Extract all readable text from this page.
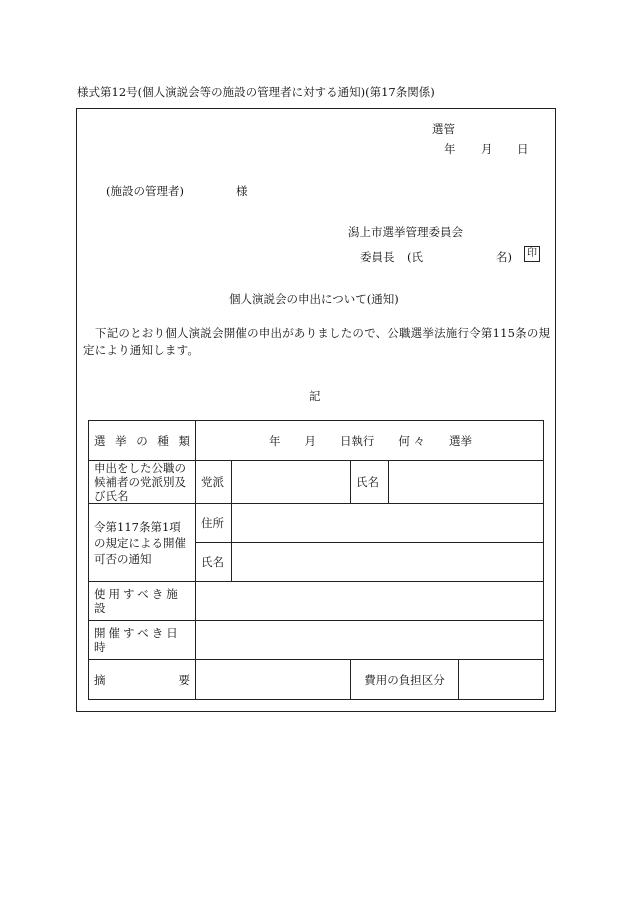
様式第12号(個人演説会等の施設の管理者に対する通知)(第17条関係)
選管
年 月 日
(施設の管理者)	様
潟上市選挙管理委員会
委員長 (氏	名)	印
個人演説会の申出について(通知)
下記のとおり個人演説会開催の申出がありましたので、公職選挙法施行令第115条の規定により通知します。
記
選 挙 の 種 類	年 月 日執行 何 々 選挙			

申出をした公職の候補者の党派別及び氏名	党派		氏名	
令第117条第1項の規定による開催可否の通知	住所			
	氏名			
使用すべき施設				
開催すべき日時				

摘 要			費用の負担区分	
